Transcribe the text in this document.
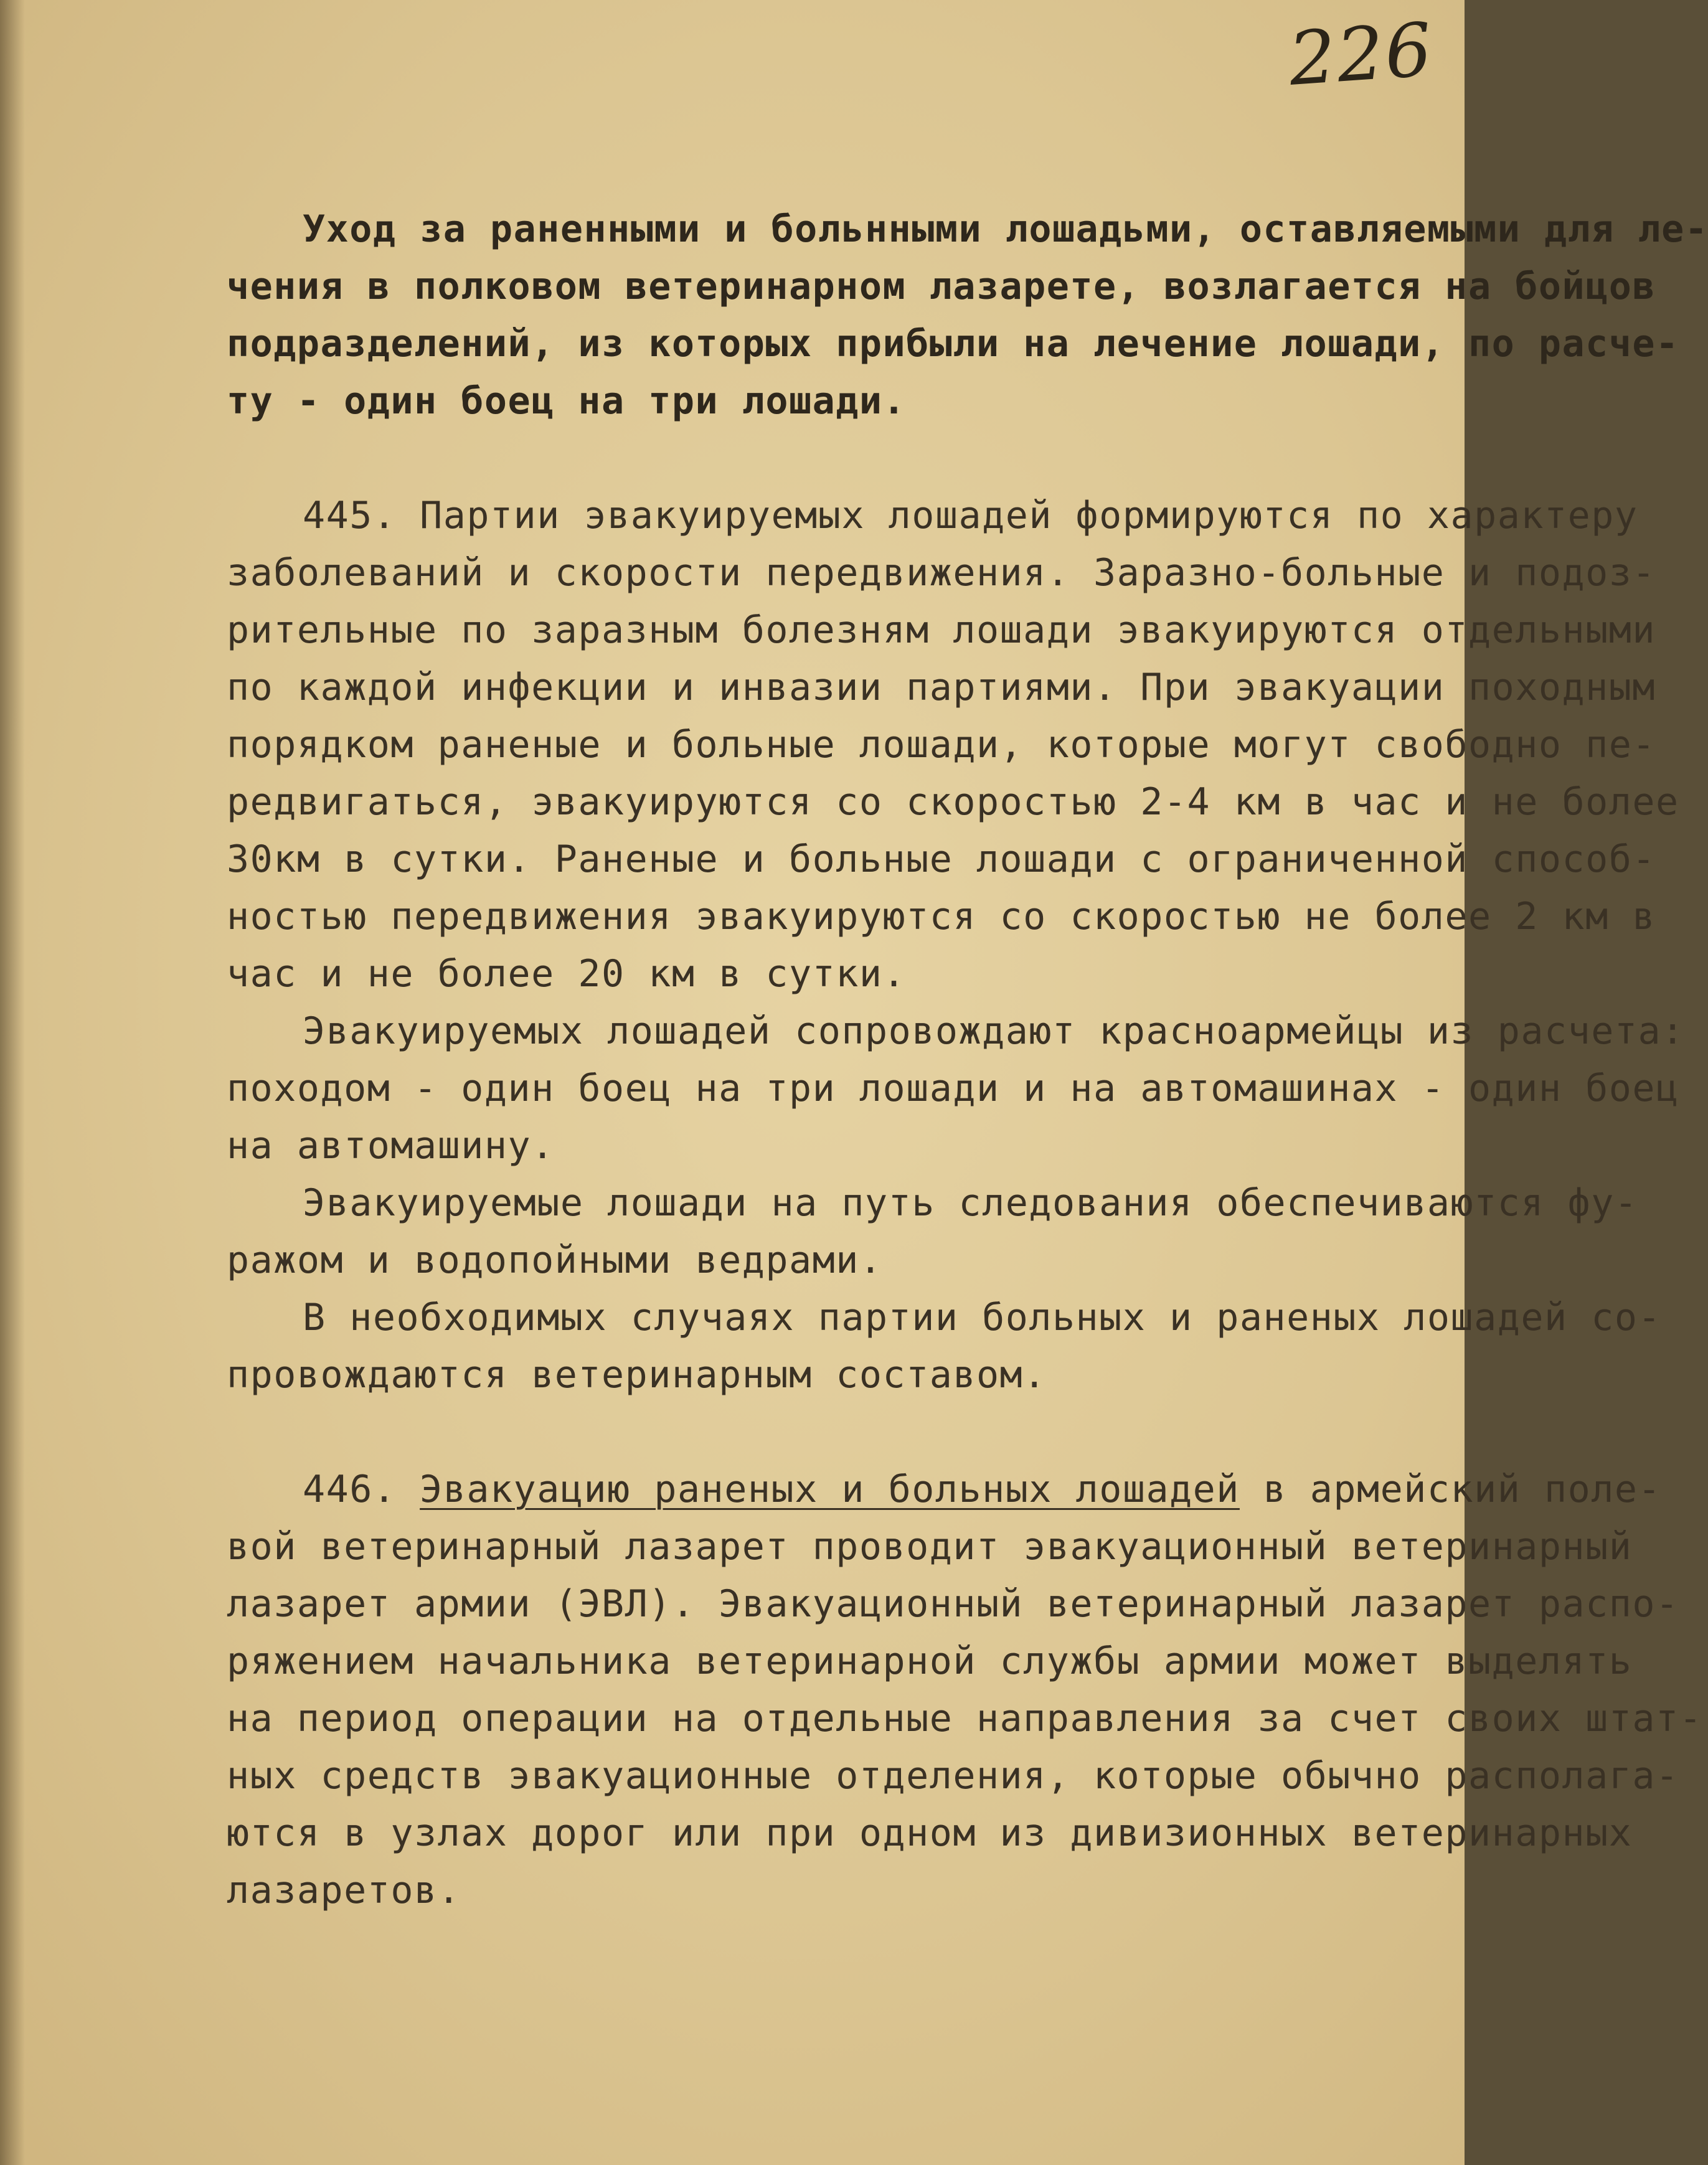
226
Уход за раненными и больнными лошадьми, оставляемыми для ле-
чения в полковом ветеринарном лазарете, возлагается на бойцов
подразделений, из которых прибыли на лечение лошади, по расче-
ту - один боец на три лошади.
445. Партии эвакуируемых лошадей формируются по характеру
заболеваний и скорости передвижения. Заразно-больные и подоз-
рительные по заразным болезням лошади эвакуируются отдельными
по каждой инфекции и инвазии партиями. При эвакуации походным
порядком раненые и больные лошади, которые могут свободно пе-
редвигаться, эвакуируются со скоростью 2-4 км в час и не более
30км в сутки. Раненые и больные лошади с ограниченной способ-
ностью передвижения эвакуируются со скоростью не более 2 км в
час и не более 20 км в сутки.
Эвакуируемых лошадей сопровождают красноармейцы из расчета:
походом - один боец на три лошади и на автомашинах - один боец
на автомашину.
Эвакуируемые лошади на путь следования обеспечиваются фу-
ражом и водопойными ведрами.
В необходимых случаях партии больных и раненых лошадей со-
провождаются ветеринарным составом.
446. Эвакуацию раненых и больных лошадей в армейский поле-
вой ветеринарный лазарет проводит эвакуационный ветеринарный
лазарет армии (ЭВЛ). Эвакуационный ветеринарный лазарет распо-
ряжением начальника ветеринарной службы армии может выделять
на период операции на отдельные направления за счет своих штат-
ных средств эвакуационные отделения, которые обычно располага-
ются в узлах дорог или при одном из дивизионных ветеринарных
лазаретов.
